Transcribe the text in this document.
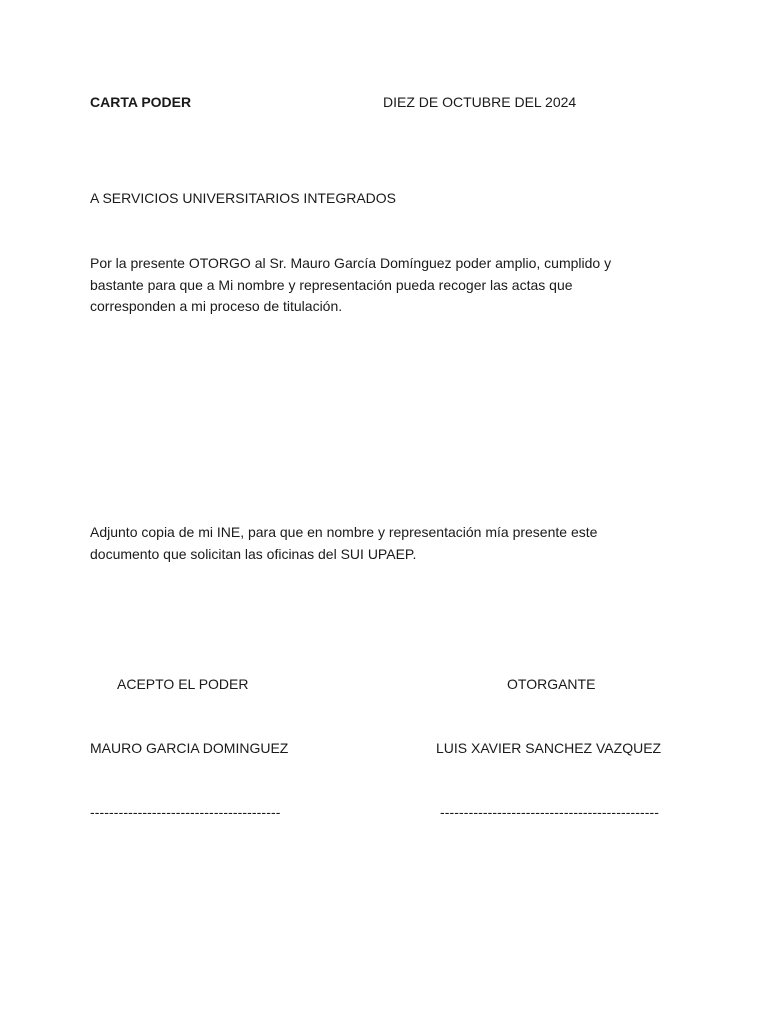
CARTA PODER	DIEZ DE OCTUBRE DEL 2024
A SERVICIOS UNIVERSITARIOS INTEGRADOS
Por la presente OTORGO al Sr. Mauro García Domínguez poder amplio, cumplido y
bastante para que a Mi nombre y representación pueda recoger las actas que
corresponden a mi proceso de titulación.
Adjunto copia de mi INE, para que en nombre y representación mía presente este
documento que solicitan las oficinas del SUI UPAEP.
ACEPTO EL PODER	OTORGANTE
MAURO GARCIA DOMINGUEZ	LUIS XAVIER SANCHEZ VAZQUEZ
----------------------------------------	----------------------------------------------
